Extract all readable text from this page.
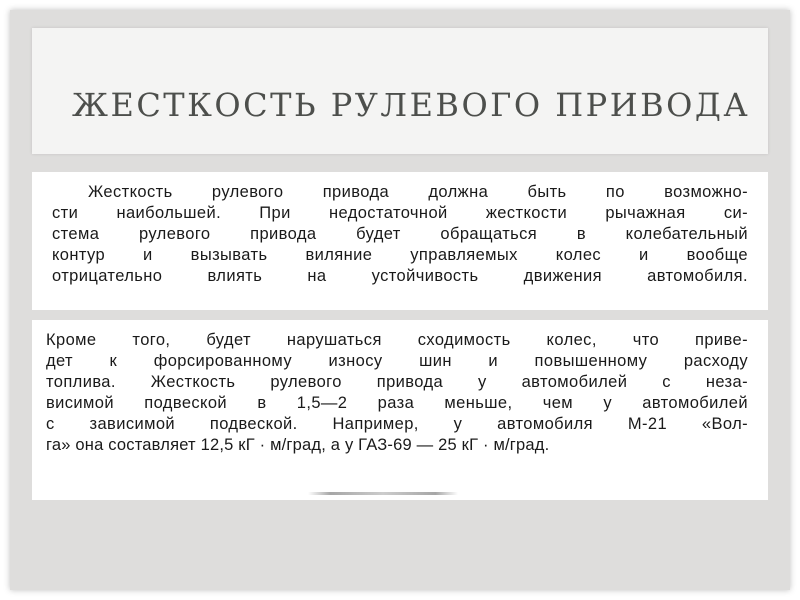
ЖЕСТКОСТЬ РУЛЕВОГО ПРИВОДА
Жесткость рулевого привода должна быть по возможно-
сти наибольшей. При недостаточной жесткости рычажная си-
стема рулевого привода будет обращаться в колебательный
контур и вызывать виляние управляемых колес и вообще
отрицательно влиять на устойчивость движения автомобиля.
Кроме того, будет нарушаться сходимость колес, что приве-
дет к форсированному износу шин и повышенному расходу
топлива. Жесткость рулевого привода у автомобилей с неза-
висимой подвеской в 1,5—2 раза меньше, чем у автомобилей
с зависимой подвеской. Например, у автомобиля М-21 «Вол-
га» она составляет 12,5 кГ · м/град, а у ГАЗ-69 — 25 кГ · м/град.
